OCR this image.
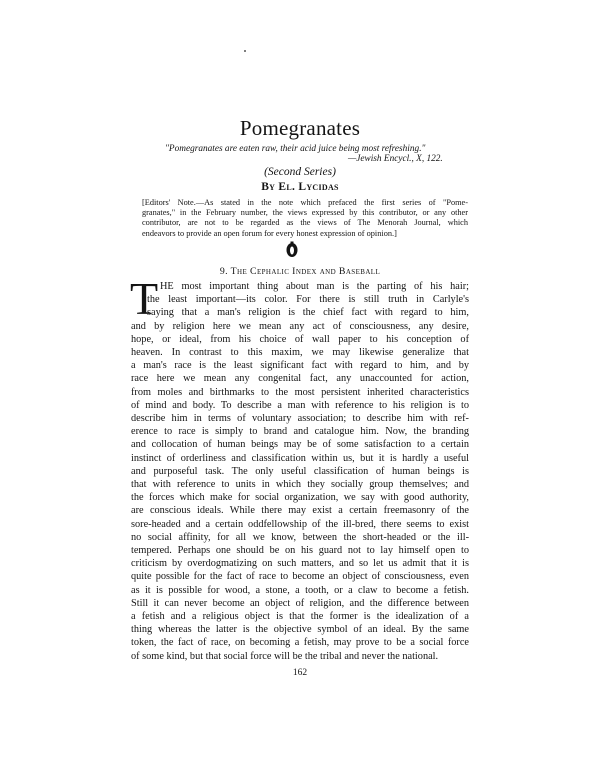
Pomegranates
"Pomegranates are eaten raw, their acid juice being most refreshing."
—Jewish Encycl., X, 122.
(Second Series)
By El. Lycidas
[Editors' Note.—As stated in the note which prefaced the first series of "Pome-
granates," in the February number, the views expressed by this contributor, or any other
contributor, are not to be regarded as the views of The Menorah Journal, which
endeavors to provide an open forum for every honest expression of opinion.]
9. The Cephalic Index and Baseball
T HE most important thing about man is the parting of his hair;
the least important—its color. For there is still truth in Carlyle's
saying that a man's religion is the chief fact with regard to him,
and by religion here we mean any act of consciousness, any desire,
hope, or ideal, from his choice of wall paper to his conception of
heaven. In contrast to this maxim, we may likewise generalize that
a man's race is the least significant fact with regard to him, and by
race here we mean any congenital fact, any unaccounted for action,
from moles and birthmarks to the most persistent inherited characteristics
of mind and body. To describe a man with reference to his religion is to
describe him in terms of voluntary association; to describe him with ref-
erence to race is simply to brand and catalogue him. Now, the branding
and collocation of human beings may be of some satisfaction to a certain
instinct of orderliness and classification within us, but it is hardly a useful
and purposeful task. The only useful classification of human beings is
that with reference to units in which they socially group themselves; and
the forces which make for social organization, we say with good authority,
are conscious ideals. While there may exist a certain freemasonry of the
sore-headed and a certain oddfellowship of the ill-bred, there seems to exist
no social affinity, for all we know, between the short-headed or the ill-
tempered. Perhaps one should be on his guard not to lay himself open to
criticism by overdogmatizing on such matters, and so let us admit that it is
quite possible for the fact of race to become an object of consciousness, even
as it is possible for wood, a stone, a tooth, or a claw to become a fetish.
Still it can never become an object of religion, and the difference between
a fetish and a religious object is that the former is the idealization of a
thing whereas the latter is the objective symbol of an ideal. By the same
token, the fact of race, on becoming a fetish, may prove to be a social force
of some kind, but that social force will be the tribal and never the national.
162
